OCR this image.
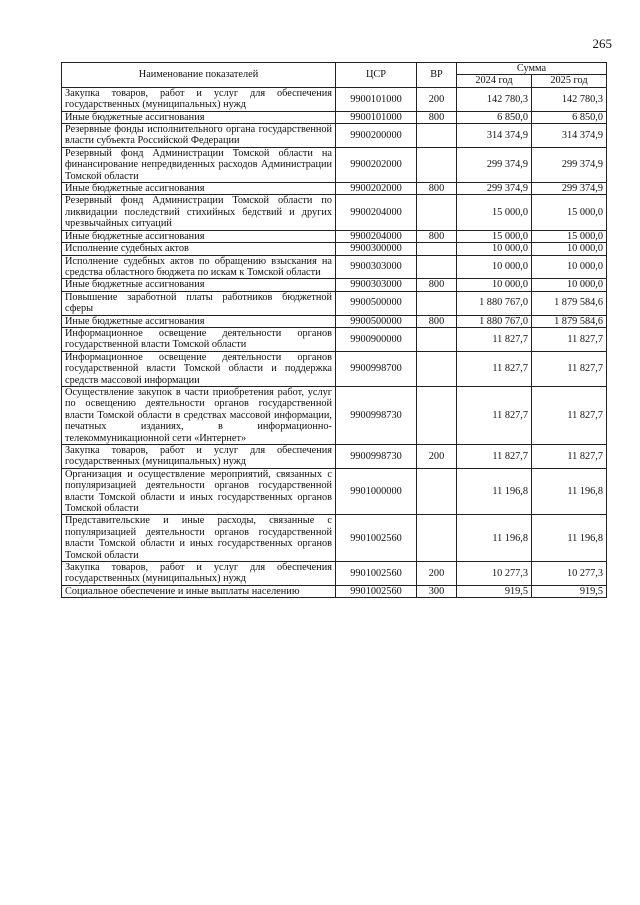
265
Наименование показателей	ЦСР	ВР	Сумма	
			2024 год	2025 год
Закупка товаров, работ и услуг для обеспечения государственных (муниципальных) нужд	9900101000	200	142 780,3	142 780,3
Иные бюджетные ассигнования	9900101000	800	6 850,0	6 850,0
Резервные фонды исполнительного органа государственной власти субъекта Российской Федерации	9900200000		314 374,9	314 374,9
Резервный фонд Администрации Томской области на финансирование непредвиденных расходов Администрации Томской области	9900202000		299 374,9	299 374,9
Иные бюджетные ассигнования	9900202000	800	299 374,9	299 374,9
Резервный фонд Администрации Томской области по ликвидации последствий стихийных бедствий и других чрезвычайных ситуаций	9900204000		15 000,0	15 000,0
Иные бюджетные ассигнования	9900204000	800	15 000,0	15 000,0
Исполнение судебных актов	9900300000		10 000,0	10 000,0
Исполнение судебных актов по обращению взыскания на средства областного бюджета по искам к Томской области	9900303000		10 000,0	10 000,0
Иные бюджетные ассигнования	9900303000	800	10 000,0	10 000,0
Повышение заработной платы работников бюджетной сферы	9900500000		1 880 767,0	1 879 584,6
Иные бюджетные ассигнования	9900500000	800	1 880 767,0	1 879 584,6
Информационное освещение деятельности органов государственной власти Томской области	9900900000		11 827,7	11 827,7
Информационное освещение деятельности органов государственной власти Томской области и поддержка средств массовой информации	9900998700		11 827,7	11 827,7
Осуществление закупок в части приобретения работ, услуг по освещению деятельности органов государственной власти Томской области в средствах массовой информации, печатных изданиях, в информационно-телекоммуникационной сети «Интернет»	9900998730		11 827,7	11 827,7
Закупка товаров, работ и услуг для обеспечения государственных (муниципальных) нужд	9900998730	200	11 827,7	11 827,7
Организация и осуществление мероприятий, связанных с популяризацией деятельности органов государственной власти Томской области и иных государственных органов Томской области	9901000000		11 196,8	11 196,8
Представительские и иные расходы, связанные с популяризацией деятельности органов государственной власти Томской области и иных государственных органов Томской области	9901002560		11 196,8	11 196,8
Закупка товаров, работ и услуг для обеспечения государственных (муниципальных) нужд	9901002560	200	10 277,3	10 277,3
Социальное обеспечение и иные выплаты населению	9901002560	300	919,5	919,5
